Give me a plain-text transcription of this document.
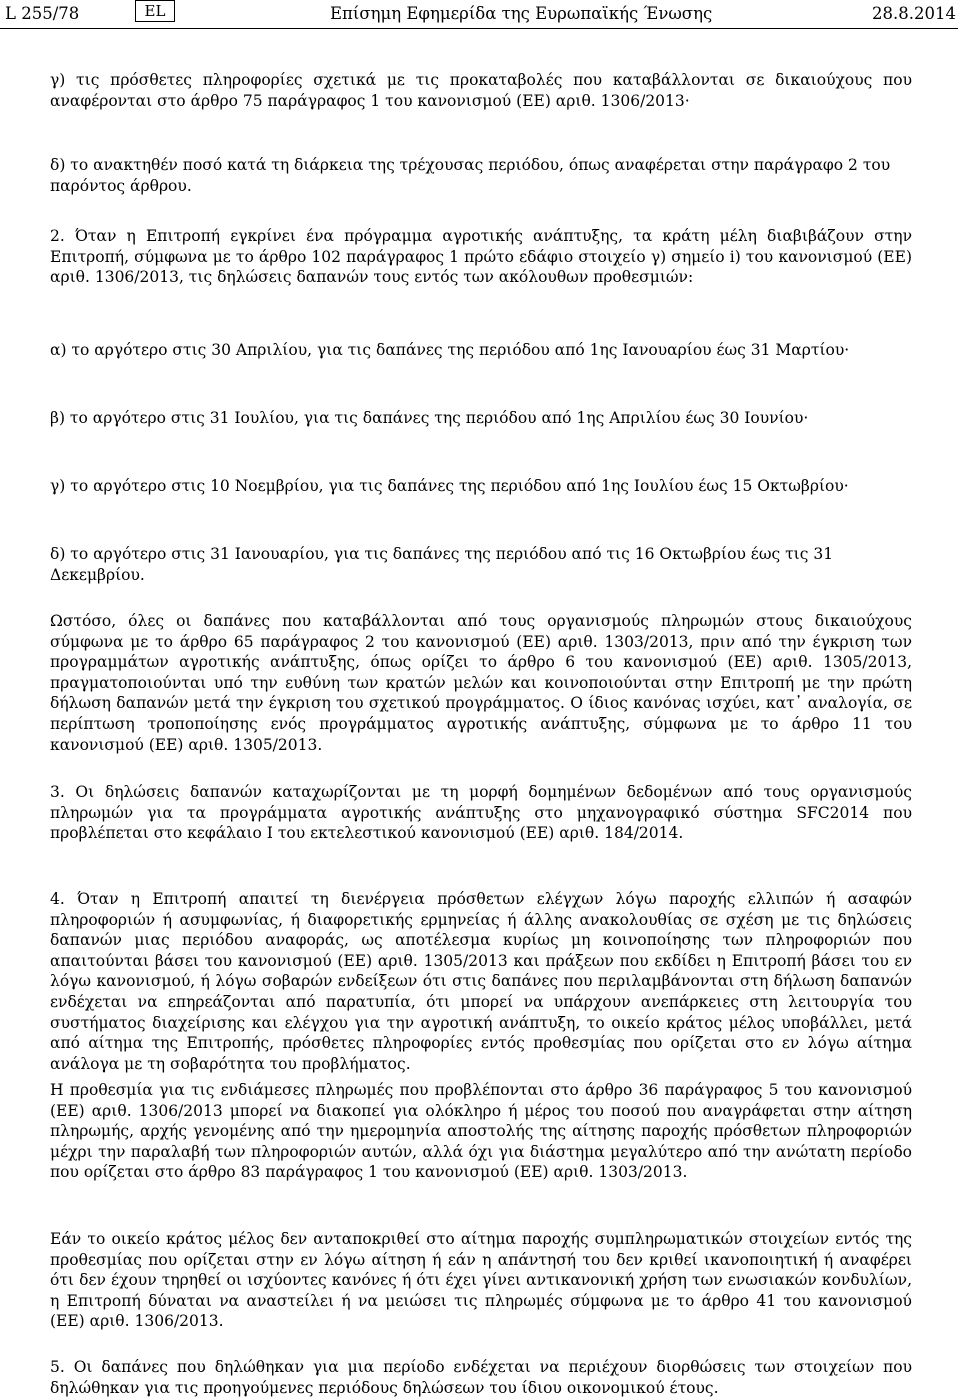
L 255/78	EL	Επίσημη Εφημερίδα της Ευρωπαϊκής Ένωσης	28.8.2014

γ) τις πρόσθετες πληροφορίες σχετικά με τις προκαταβολές που καταβάλλονται σε δικαιούχους που αναφέρονται στο άρθρο 75 παράγραφος 1 του κανονισμού (ΕΕ) αριθ. 1306/2013·

δ) το ανακτηθέν ποσό κατά τη διάρκεια της τρέχουσας περιόδου, όπως αναφέρεται στην παράγραφο 2 του παρόντος άρθρου.

2. Όταν η Επιτροπή εγκρίνει ένα πρόγραμμα αγροτικής ανάπτυξης, τα κράτη μέλη διαβιβάζουν στην Επιτροπή, σύμφωνα με το άρθρο 102 παράγραφος 1 πρώτο εδάφιο στοιχείο γ) σημείο i) του κανονισμού (ΕΕ) αριθ. 1306/2013, τις δηλώσεις δαπανών τους εντός των ακόλουθων προθεσμιών:

α) το αργότερο στις 30 Απριλίου, για τις δαπάνες της περιόδου από 1ης Ιανουαρίου έως 31 Μαρτίου·

β) το αργότερο στις 31 Ιουλίου, για τις δαπάνες της περιόδου από 1ης Απριλίου έως 30 Ιουνίου·

γ) το αργότερο στις 10 Νοεμβρίου, για τις δαπάνες της περιόδου από 1ης Ιουλίου έως 15 Οκτωβρίου·

δ) το αργότερο στις 31 Ιανουαρίου, για τις δαπάνες της περιόδου από τις 16 Οκτωβρίου έως τις 31 Δεκεμβρίου.

Ωστόσο, όλες οι δαπάνες που καταβάλλονται από τους οργανισμούς πληρωμών στους δικαιούχους σύμφωνα με το άρθρο 65 παράγραφος 2 του κανονισμού (ΕΕ) αριθ. 1303/2013, πριν από την έγκριση των προγραμμάτων αγροτικής ανάπτυξης, όπως ορίζει το άρθρο 6 του κανονισμού (ΕΕ) αριθ. 1305/2013, πραγματοποιούνται υπό την ευθύνη των κρατών μελών και κοινοποιούνται στην Επιτροπή με την πρώτη δήλωση δαπανών μετά την έγκριση του σχετικού προγράμματος. Ο ίδιος κανόνας ισχύει, κατ᾽ αναλογία, σε περίπτωση τροποποίησης ενός προγράμματος αγροτικής ανάπτυξης, σύμφωνα με το άρθρο 11 του κανονισμού (ΕΕ) αριθ. 1305/2013.

3. Οι δηλώσεις δαπανών καταχωρίζονται με τη μορφή δομημένων δεδομένων από τους οργανισμούς πληρωμών για τα προγράμματα αγροτικής ανάπτυξης στο μηχανογραφικό σύστημα SFC2014 που προβλέπεται στο κεφάλαιο I του εκτελεστικού κανονισμού (ΕΕ) αριθ. 184/2014.

4. Όταν η Επιτροπή απαιτεί τη διενέργεια πρόσθετων ελέγχων λόγω παροχής ελλιπών ή ασαφών πληροφοριών ή ασυμφωνίας, ή διαφορετικής ερμηνείας ή άλλης ανακολουθίας σε σχέση με τις δηλώσεις δαπανών μιας περιόδου αναφοράς, ως αποτέλεσμα κυρίως μη κοινοποίησης των πληροφοριών που απαιτούνται βάσει του κανονισμού (ΕΕ) αριθ. 1305/2013 και πράξεων που εκδίδει η Επιτροπή βάσει του εν λόγω κανονισμού, ή λόγω σοβαρών ενδείξεων ότι στις δαπάνες που περιλαμβάνονται στη δήλωση δαπανών ενδέχεται να επηρεάζονται από παρατυπία, ότι μπορεί να υπάρχουν ανεπάρκειες στη λειτουργία του συστήματος διαχείρισης και ελέγχου για την αγροτική ανάπτυξη, το οικείο κράτος μέλος υποβάλλει, μετά από αίτημα της Επιτροπής, πρόσθετες πληροφορίες εντός προθεσμίας που ορίζεται στο εν λόγω αίτημα ανάλογα με τη σοβαρότητα του προβλήματος.

Η προθεσμία για τις ενδιάμεσες πληρωμές που προβλέπονται στο άρθρο 36 παράγραφος 5 του κανονισμού (ΕΕ) αριθ. 1306/2013 μπορεί να διακοπεί για ολόκληρο ή μέρος του ποσού που αναγράφεται στην αίτηση πληρωμής, αρχής γενομένης από την ημερομηνία αποστολής της αίτησης παροχής πρόσθετων πληροφοριών μέχρι την παραλαβή των πληροφοριών αυτών, αλλά όχι για διάστημα μεγαλύτερο από την ανώτατη περίοδο που ορίζεται στο άρθρο 83 παράγραφος 1 του κανονισμού (ΕΕ) αριθ. 1303/2013.

Εάν το οικείο κράτος μέλος δεν ανταποκριθεί στο αίτημα παροχής συμπληρωματικών στοιχείων εντός της προθεσμίας που ορίζεται στην εν λόγω αίτηση ή εάν η απάντησή του δεν κριθεί ικανοποιητική ή αναφέρει ότι δεν έχουν τηρηθεί οι ισχύοντες κανόνες ή ότι έχει γίνει αντικανονική χρήση των ενωσιακών κονδυλίων, η Επιτροπή δύναται να αναστείλει ή να μειώσει τις πληρωμές σύμφωνα με το άρθρο 41 του κανονισμού (ΕΕ) αριθ. 1306/2013.

5. Οι δαπάνες που δηλώθηκαν για μια περίοδο ενδέχεται να περιέχουν διορθώσεις των στοιχείων που δηλώθηκαν για τις προηγούμενες περιόδους δηλώσεων του ίδιου οικονομικού έτους.
